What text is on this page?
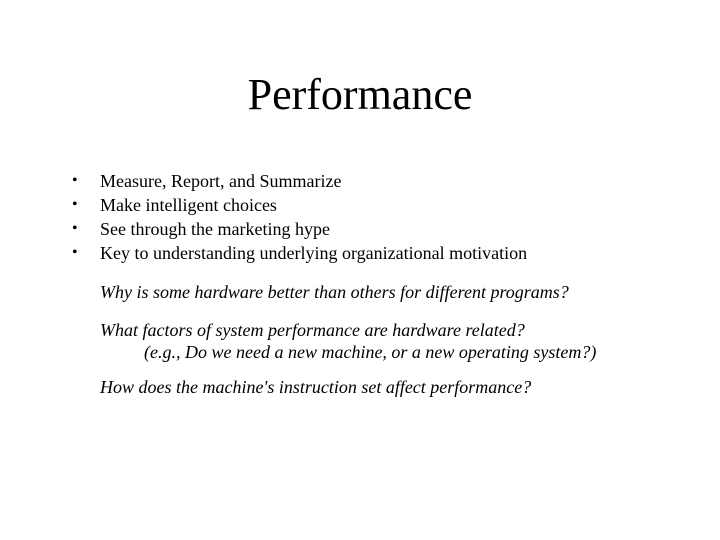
Performance
• Measure, Report, and Summarize
• Make intelligent choices
• See through the marketing hype
• Key to understanding underlying organizational motivation
Why is some hardware better than others for different programs?
What factors of system performance are hardware related?
(e.g., Do we need a new machine, or a new operating system?)
How does the machine's instruction set affect performance?
